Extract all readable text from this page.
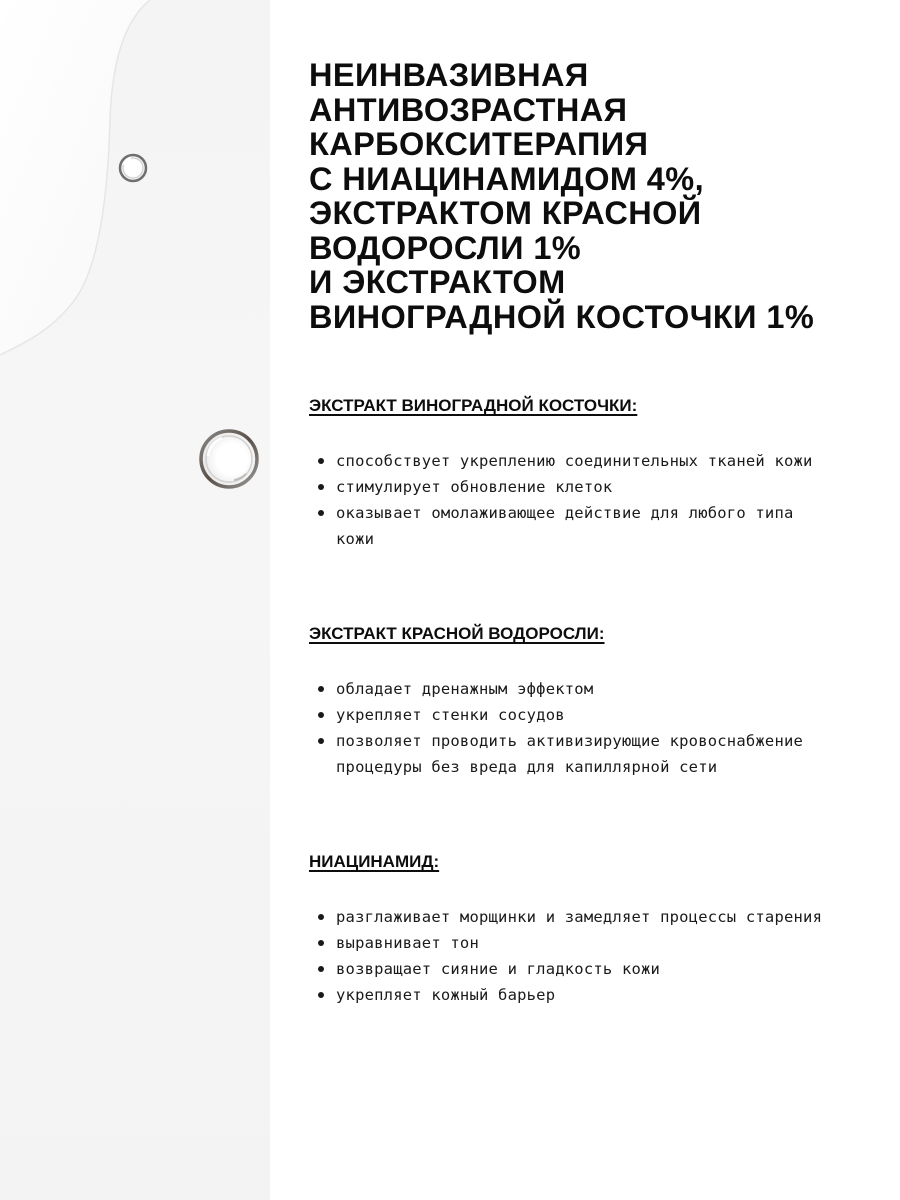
НЕИНВАЗИВНАЯ
АНТИВОЗРАСТНАЯ
КАРБОКСИТЕРАПИЯ
С НИАЦИНАМИДОМ 4%,
ЭКСТРАКТОМ КРАСНОЙ
ВОДОРОСЛИ 1%
И ЭКСТРАКТОМ
ВИНОГРАДНОЙ КОСТОЧКИ 1%
ЭКСТРАКТ ВИНОГРАДНОЙ КОСТОЧКИ:
способствует укреплению соединительных тканей кожи
стимулирует обновление клеток
оказывает омолаживающее действие для любого типа кожи
ЭКСТРАКТ КРАСНОЙ ВОДОРОСЛИ:
обладает дренажным эффектом
укрепляет стенки сосудов
позволяет проводить активизирующие кровоснабжение процедуры без вреда для капиллярной сети
НИАЦИНАМИД:
разглаживает морщинки и замедляет процессы старения
выравнивает тон
возвращает сияние и гладкость кожи
укрепляет кожный барьер
